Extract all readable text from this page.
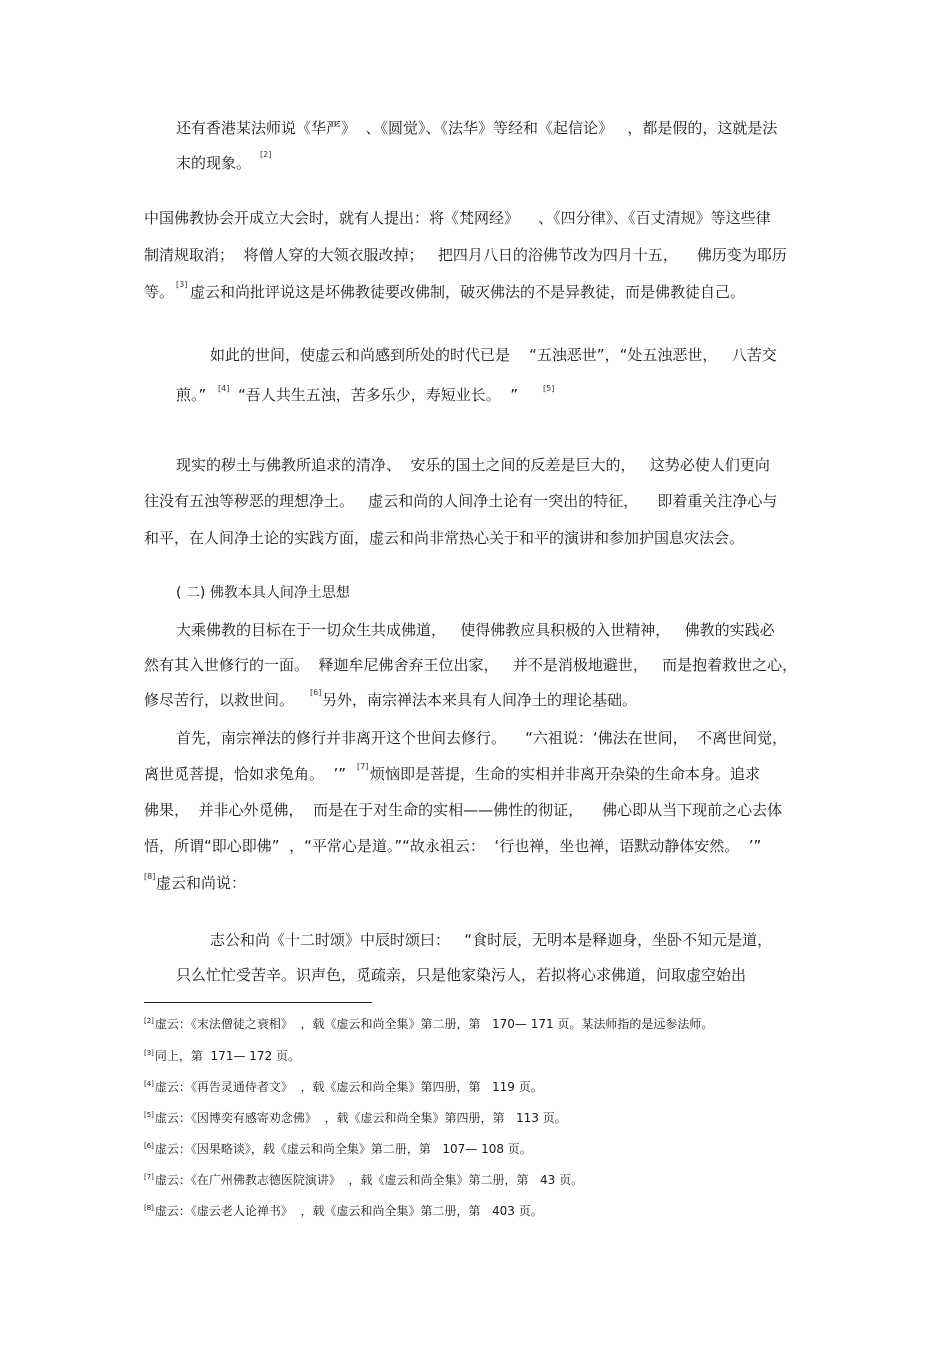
还有香港某法师说《华严》  、《圆觉》、《法华》等经和《起信论》   ，都是假的，这就是法
末的现象。 [2]
中国佛教协会开成立大会时，就有人提出：将《梵网经》    、《四分律》、《百丈清规》等这些律
制清规取消；  将僧人穿的大领衣服改掉；   把四月八日的浴佛节改为四月十五，    佛历变为耶历
等。 [3] 虚云和尚批评说这是坏佛教徒要改佛制，破灭佛法的不是异教徒，而是佛教徒自己。
如此的世间，使虚云和尚感到所处的时代已是    “五浊恶世”，“处五浊恶世，   八苦交
煎。” [4] “吾人共生五浊，苦多乐少，寿短业长。  ”	[5]
现实的秽土与佛教所追求的清净、  安乐的国土之间的反差是巨大的，   这势必使人们更向
往没有五浊等秽恶的理想净土。   虚云和尚的人间净土论有一突出的特征，    即着重关注净心与
和平，在人间净土论的实践方面，虚云和尚非常热心关于和平的演讲和参加护国息灾法会。
( 二) 佛教本具人间净土思想
大乘佛教的目标在于一切众生共成佛道，   使得佛教应具积极的入世精神，   佛教的实践必
然有其入世修行的一面。  释迦牟尼佛舍弃王位出家，   并不是消极地避世，   而是抱着救世之心，
修尽苦行，以救世间。 [6] 另外，南宗禅法本来具有人间净土的理论基础。
首先，南宗禅法的修行并非离开这个世间去修行。    “六祖说：‘佛法在世间，  不离世间觉，
离世觅菩提，恰如求兔角。  ’” [7] 烦恼即是菩提，生命的实相并非离开杂染的生命本身。追求
佛果，  并非心外觅佛，  而是在于对生命的实相——佛性的彻证，    佛心即从当下现前之心去体
悟，所谓“即心即佛”  ，“平常心是道。”“故永祖云：  ‘行也禅，坐也禅，语默动静体安然。  ’”
[8] 虚云和尚说：
志公和尚《十二时颂》中辰时颂曰：   “食时辰，无明本是释迦身，坐卧不知元是道，
只么忙忙受苦辛。识声色，觅疏亲，只是他家染污人，若拟将心求佛道，问取虚空始出
[2]虚云：《末法僧徒之衰相》  ，载《虚云和尚全集》第二册，第   170— 171 页。某法师指的是远参法师。
[3]同上，第  171— 172 页。
[4]虚云：《再告灵通侍者文》  ，载《虚云和尚全集》第四册，第   119 页。
[5]虚云：《因博奕有感寄劝念佛》  ，载《虚云和尚全集》第四册，第   113 页。
[6]虚云：《因果略谈》，载《虚云和尚全集》第二册，第   107— 108 页。
[7]虚云：《在广州佛教志德医院演讲》  ，载《虚云和尚全集》第二册，第   43 页。
[8]虚云：《虚云老人论禅书》  ，载《虚云和尚全集》第二册，第   403 页。
